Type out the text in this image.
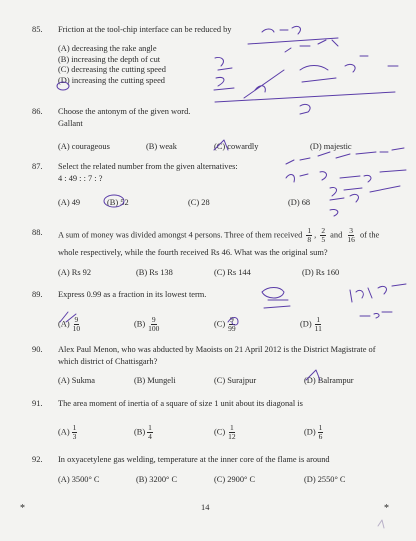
85. Friction at the tool-chip interface can be reduced by
(A) decreasing the rake angle
(B) increasing the depth of cut
(C) decreasing the cutting speed
(D) increasing the cutting speed
86. Choose the antonym of the given word.
Gallant
(A) courageous	(B) weak	(C) cowardly	(D) majestic
87. Select the related number from the given alternatives:
4 : 49 : : 7 : ?
(A) 49	(B) 52	(C) 28	(D) 68
88. A sum of money was divided amongst 4 persons. Three of them received $\frac{1}{8}$ , $\frac{2}{5}$ and $\frac{3}{16}$ of the
whole respectively, while the fourth received Rs 46. What was the original sum?
(A) Rs 92	(B) Rs 138	(C) Rs 144	(D) Rs 160
89. Express 0.99 as a fraction in its lowest term.
$(A) \frac{9}{10}$	$(B) \frac{9}{100}$	$(C) \frac{9}{99}$	$(D) \frac{1}{11}$
90. Alex Paul Menon, who was abducted by Maoists on 21 April 2012 is the District Magistrate of which district of Chattisgarh?
(A) Sukma	(B) Mungeli	(C) Surajpur	(D) Balrampur
91. The area moment of inertia of a square of size 1 unit about its diagonal is
$(A) \frac{1}{3}$	$(B) \frac{1}{4}$	$(C) \frac{1}{12}$	$(D) \frac{1}{6}$
92. In oxyacetylene gas welding, temperature at the inner core of the flame is around
(A) 3500° C	(B) 3200° C	(C) 2900° C	(D) 2550° C
*	14	*
